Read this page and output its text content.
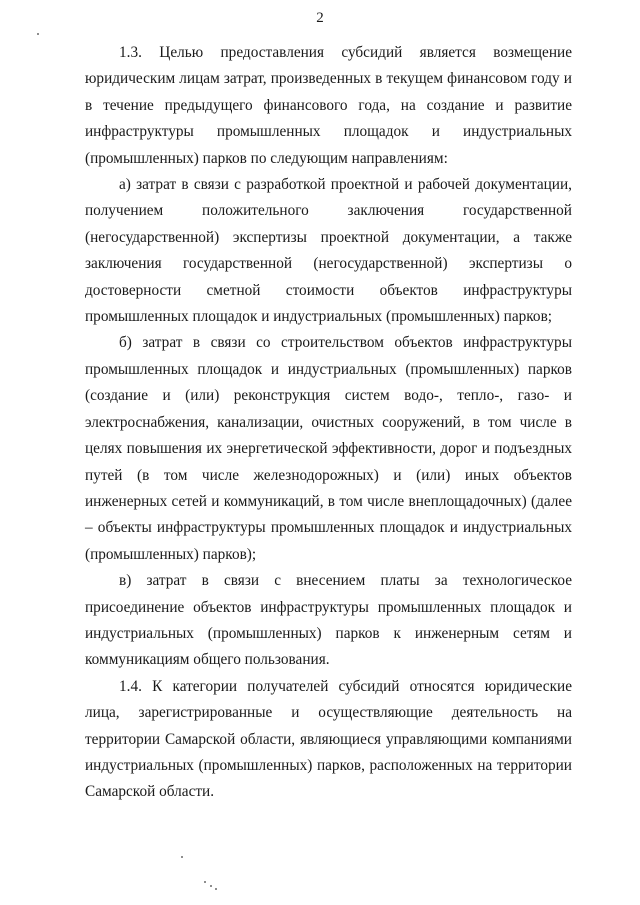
2

1.3. Целью предоставления субсидий является возмещение юридическим лицам затрат, произведенных в текущем финансовом году и в течение предыдущего финансового года, на создание и развитие инфраструктуры промышленных площадок и индустриальных (промышленных) парков по следующим направлениям:

а) затрат в связи с разработкой проектной и рабочей документации, получением положительного заключения государственной (негосударственной) экспертизы проектной документации, а также заключения государственной (негосударственной) экспертизы о достоверности сметной стоимости объектов инфраструктуры промышленных площадок и индустриальных (промышленных) парков;

б) затрат в связи со строительством объектов инфраструктуры промышленных площадок и индустриальных (промышленных) парков (создание и (или) реконструкция систем водо-, тепло-, газо- и электроснабжения, канализации, очистных сооружений, в том числе в целях повышения их энергетической эффективности, дорог и подъездных путей (в том числе железнодорожных) и (или) иных объектов инженерных сетей и коммуникаций, в том числе внеплощадочных) (далее – объекты инфраструктуры промышленных площадок и индустриальных (промышленных) парков);

в) затрат в связи с внесением платы за технологическое присоединение объектов инфраструктуры промышленных площадок и индустриальных (промышленных) парков к инженерным сетям и коммуникациям общего пользования.

1.4. К категории получателей субсидий относятся юридические лица, зарегистрированные и осуществляющие деятельность на территории Самарской области, являющиеся управляющими компаниями индустриальных (промышленных) парков, расположенных на территории Самарской области.
